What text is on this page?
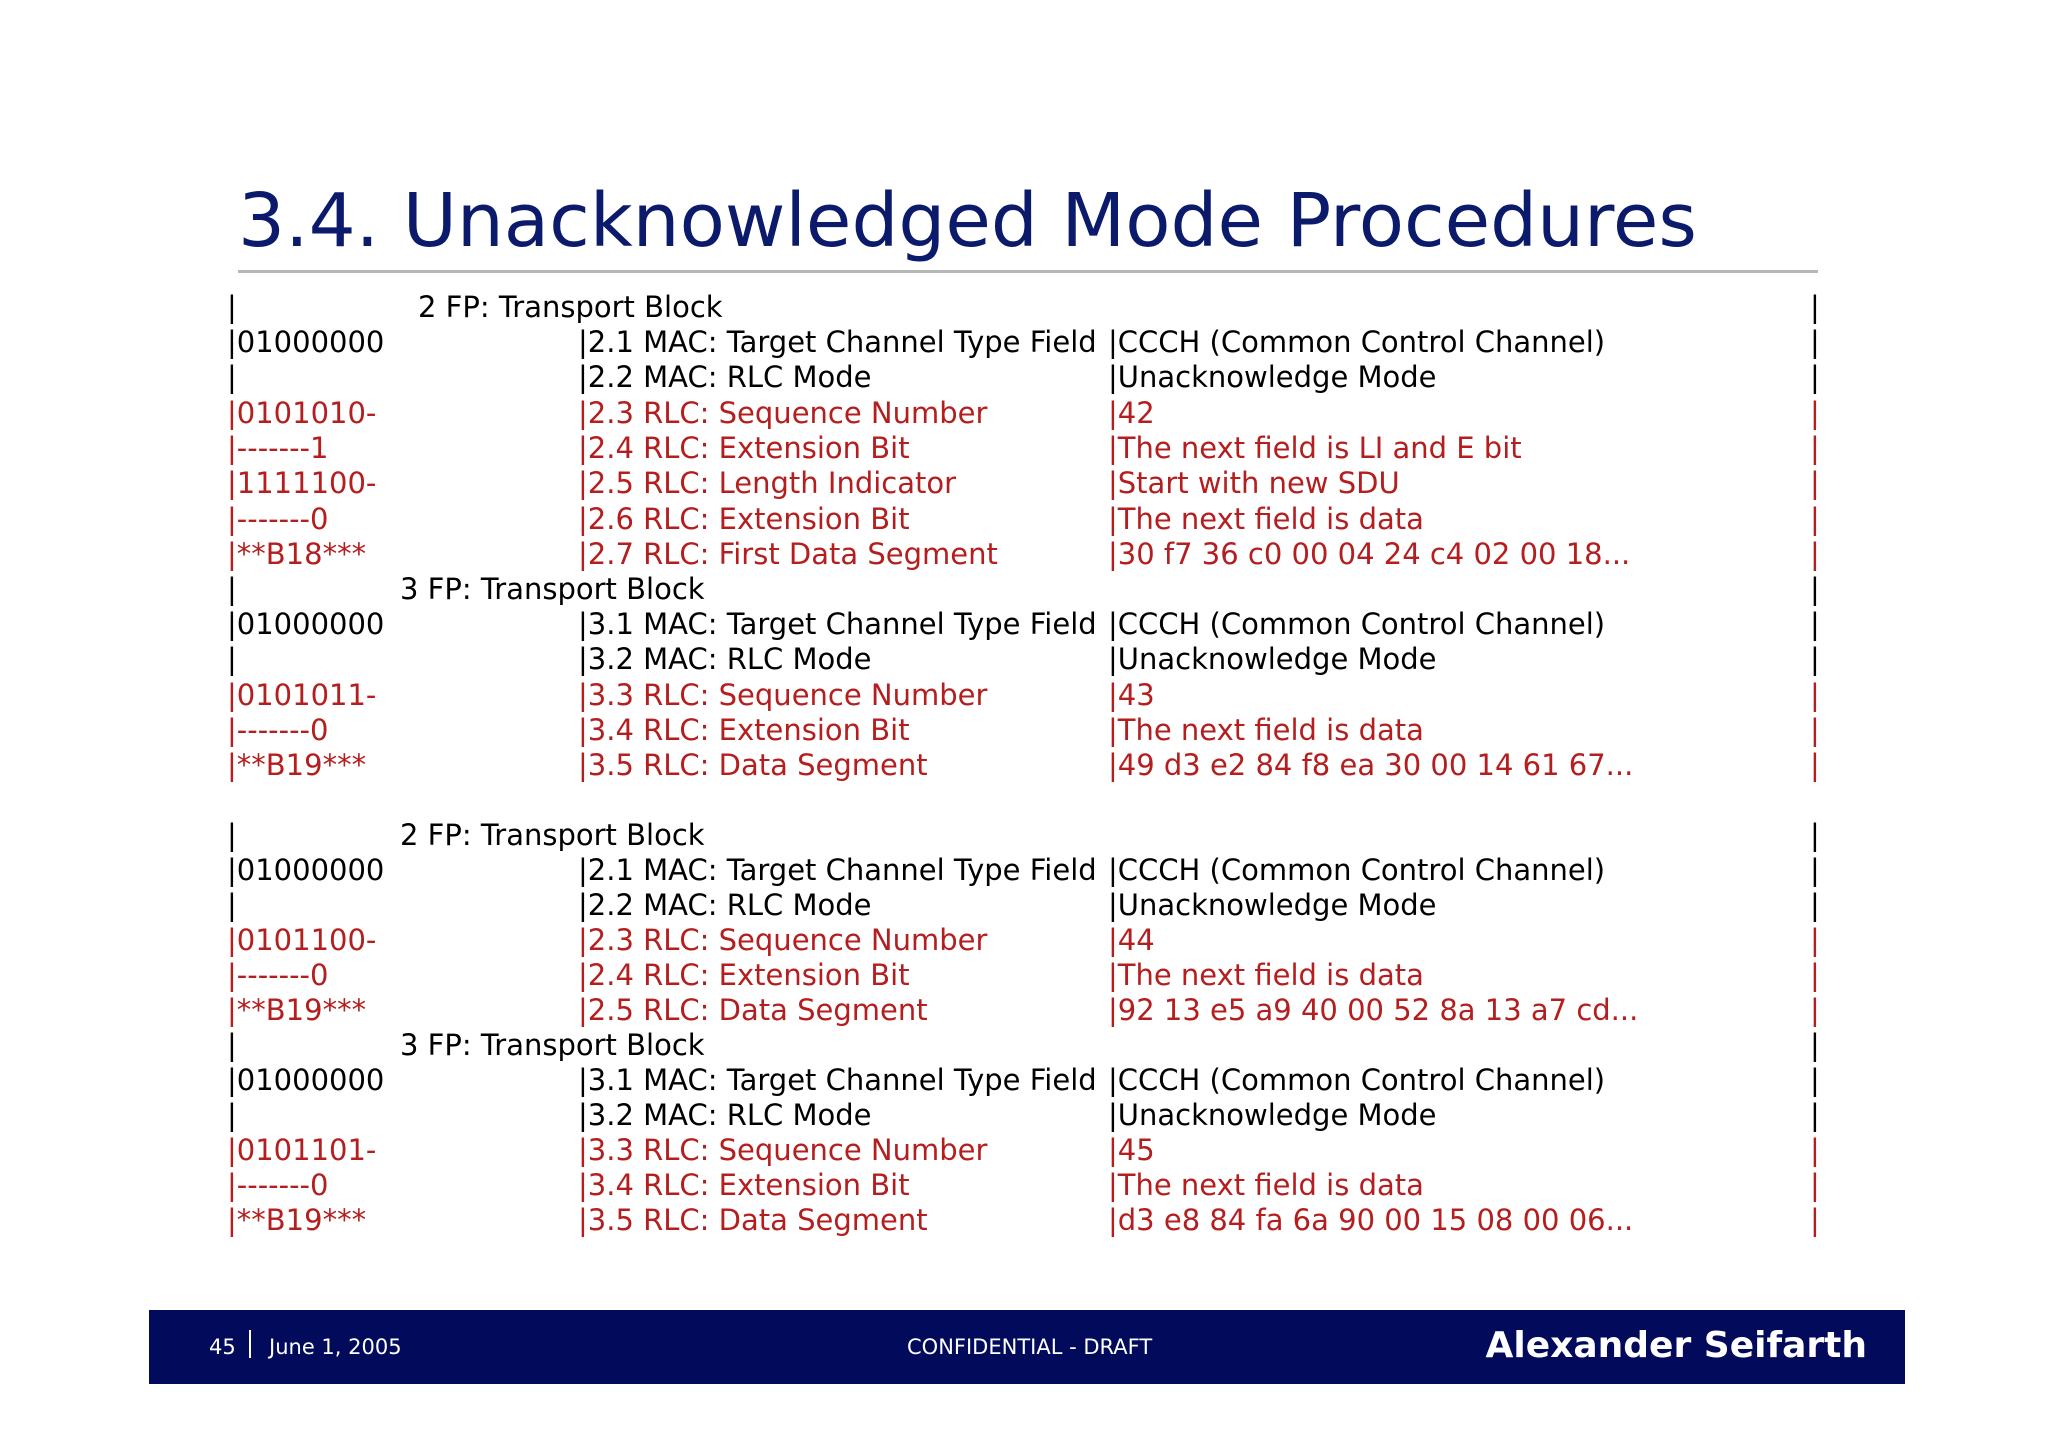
3.4. Unacknowledged Mode Procedures
|	2 FP: Transport Block	|
|01000000	|2.1 MAC: Target Channel Type Field |CCCH (Common Control Channel)	|
|	|2.2 MAC: RLC Mode	|Unacknowledge Mode	|
|0101010-	|2.3 RLC: Sequence Number	|42	|
|-------1	|2.4 RLC: Extension Bit	|The next field is LI and E bit	|
|1111100-	|2.5 RLC: Length Indicator	|Start with new SDU	|
|-------0	|2.6 RLC: Extension Bit	|The next field is data	|
|**B18***	|2.7 RLC: First Data Segment	|30 f7 36 c0 00 04 24 c4 02 00 18...	|
|	3 FP: Transport Block	|
|01000000	|3.1 MAC: Target Channel Type Field |CCCH (Common Control Channel)	|
|	|3.2 MAC: RLC Mode	|Unacknowledge Mode	|
|0101011-	|3.3 RLC: Sequence Number	|43	|
|-------0	|3.4 RLC: Extension Bit	|The next field is data	|
|**B19***	|3.5 RLC: Data Segment	|49 d3 e2 84 f8 ea 30 00 14 61 67...	|
|	2 FP: Transport Block	|
|01000000	|2.1 MAC: Target Channel Type Field |CCCH (Common Control Channel)	|
|	|2.2 MAC: RLC Mode	|Unacknowledge Mode	|
|0101100-	|2.3 RLC: Sequence Number	|44	|
|-------0	|2.4 RLC: Extension Bit	|The next field is data	|
|**B19***	|2.5 RLC: Data Segment	|92 13 e5 a9 40 00 52 8a 13 a7 cd...	|
|	3 FP: Transport Block	|
|01000000	|3.1 MAC: Target Channel Type Field |CCCH (Common Control Channel)	|
|	|3.2 MAC: RLC Mode	|Unacknowledge Mode	|
|0101101-	|3.3 RLC: Sequence Number	|45	|
|-------0	|3.4 RLC: Extension Bit	|The next field is data	|
|**B19***	|3.5 RLC: Data Segment	|d3 e8 84 fa 6a 90 00 15 08 00 06...	|
45 June 1, 2005	CONFIDENTIAL - DRAFT	Alexander Seifarth
